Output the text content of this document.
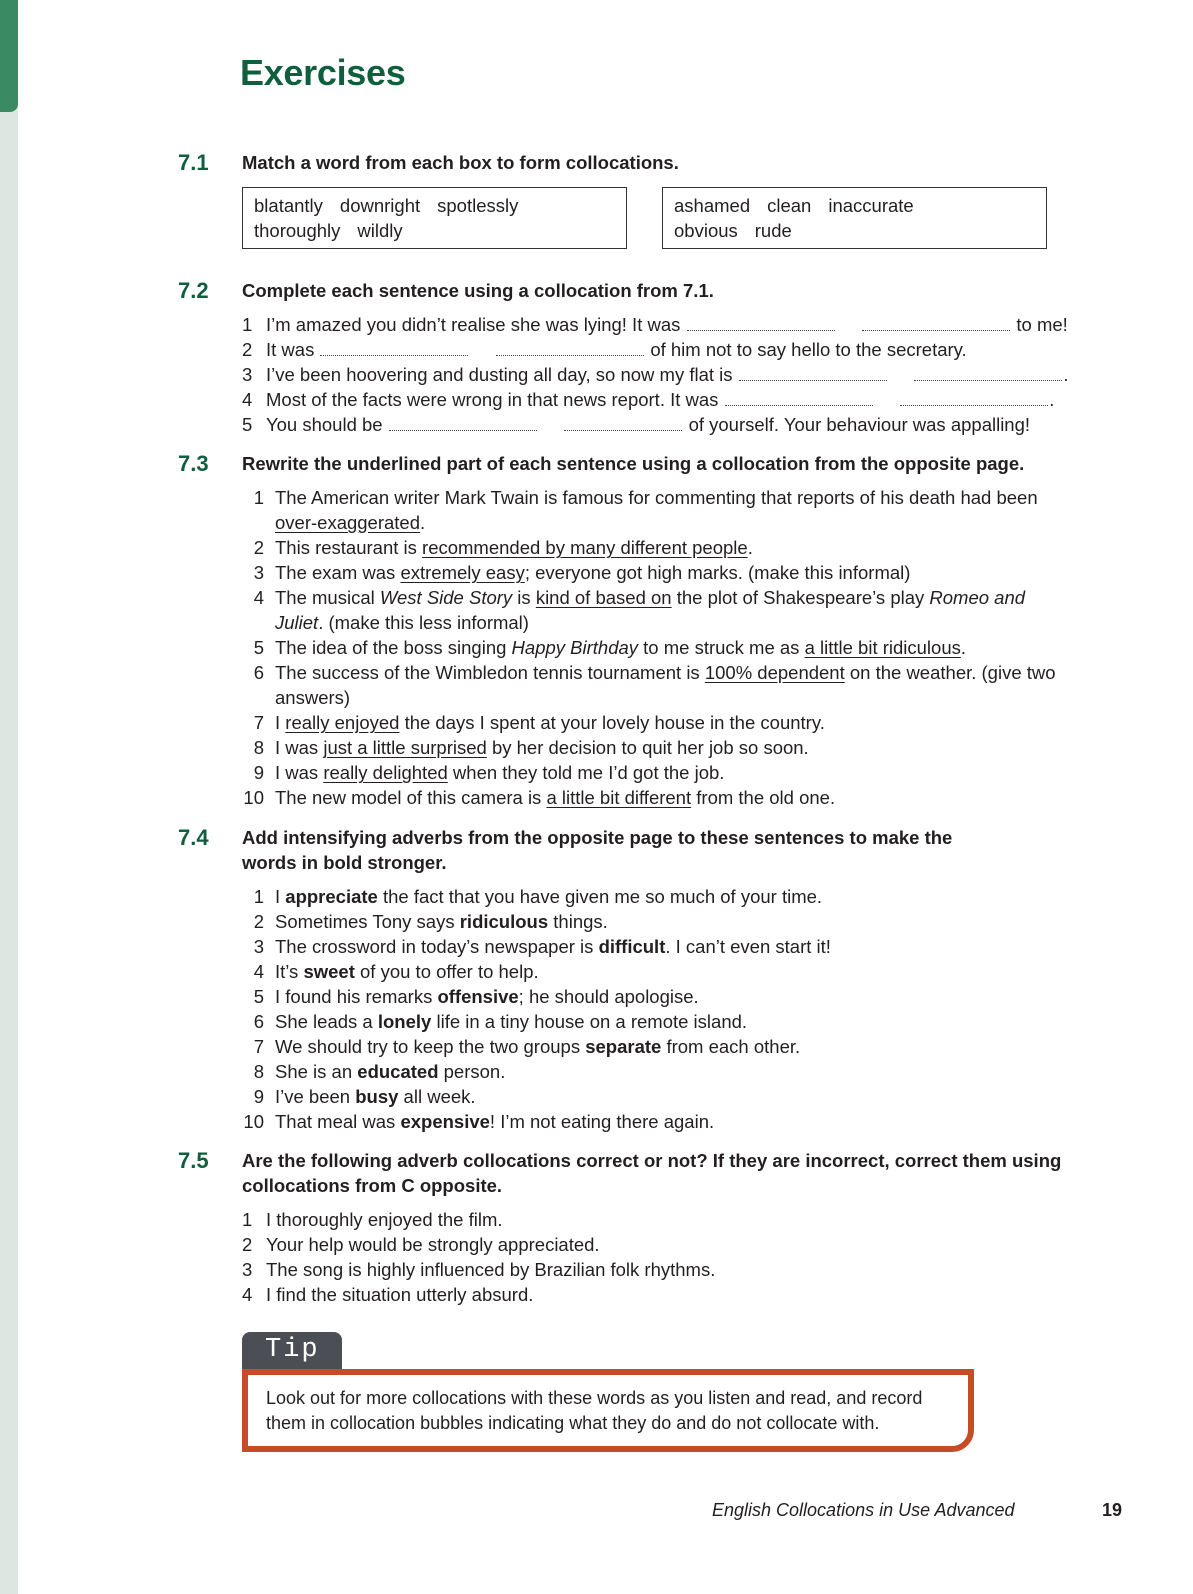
Exercises
7.1	Match a word from each box to form collocations.
blatantly downright spotlessly
thoroughly wildly
ashamed clean inaccurate
obvious rude
7.2	Complete each sentence using a collocation from 7.1.
1 I’m amazed you didn’t realise she was lying! It was	to me!
2 It was	of him not to say hello to the secretary.
3 I’ve been hoovering and dusting all day, so now my flat is	.
4 Most of the facts were wrong in that news report. It was	.
5 You should be	of yourself. Your behaviour was appalling!
7.3	Rewrite the underlined part of each sentence using a collocation from the opposite page.
1 The American writer Mark Twain is famous for commenting that reports of his death had been over-exaggerated.
2 This restaurant is recommended by many different people.
3 The exam was extremely easy; everyone got high marks. (make this informal)
4 The musical West Side Story is kind of based on the plot of Shakespeare’s play Romeo and Juliet. (make this less informal)
5 The idea of the boss singing Happy Birthday to me struck me as a little bit ridiculous.
6 The success of the Wimbledon tennis tournament is 100% dependent on the weather. (give two answers)
7 I really enjoyed the days I spent at your lovely house in the country.
8 I was just a little surprised by her decision to quit her job so soon.
9 I was really delighted when they told me I’d got the job.
10 The new model of this camera is a little bit different from the old one.
7.4	Add intensifying adverbs from the opposite page to these sentences to make the words in bold stronger.
1 I appreciate the fact that you have given me so much of your time.
2 Sometimes Tony says ridiculous things.
3 The crossword in today’s newspaper is difficult. I can’t even start it!
4 It’s sweet of you to offer to help.
5 I found his remarks offensive; he should apologise.
6 She leads a lonely life in a tiny house on a remote island.
7 We should try to keep the two groups separate from each other.
8 She is an educated person.
9 I’ve been busy all week.
10 That meal was expensive! I’m not eating there again.
7.5	Are the following adverb collocations correct or not? If they are incorrect, correct them using collocations from C opposite.
1 I thoroughly enjoyed the film.
2 Your help would be strongly appreciated.
3 The song is highly influenced by Brazilian folk rhythms.
4 I find the situation utterly absurd.
Tip
Look out for more collocations with these words as you listen and read, and record them in collocation bubbles indicating what they do and do not collocate with.
English Collocations in Use Advanced	19
